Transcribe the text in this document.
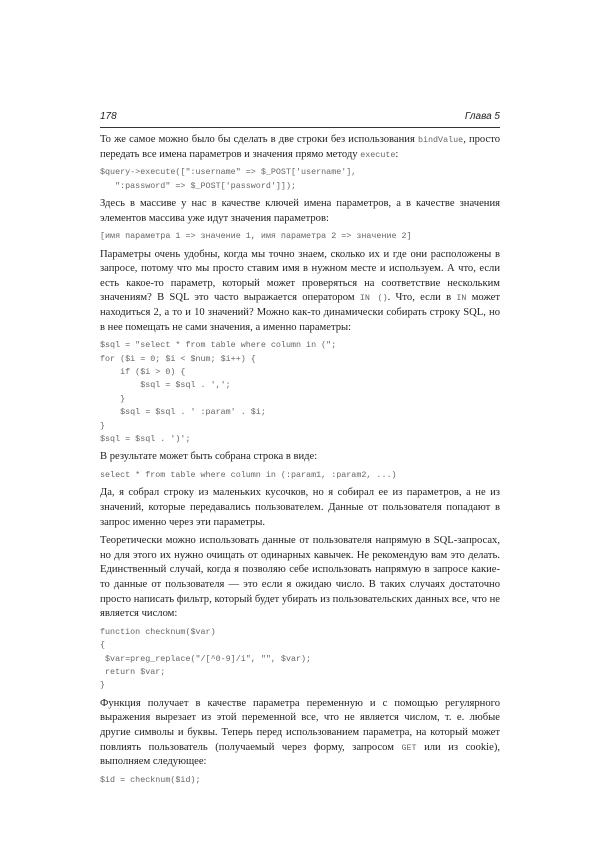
178	Глава 5

То же самое можно было бы сделать в две строки без использования bindValue, просто передать все имена параметров и значения прямо методу execute:

$query->execute([":username" => $_POST['username'],
":password" => $_POST['password']]);

Здесь в массиве у нас в качестве ключей имена параметров, а в качестве значения элементов массива уже идут значения параметров:

[имя параметра 1 => значение 1, имя параметра 2 => значение 2]

Параметры очень удобны, когда мы точно знаем, сколько их и где они расположены в запросе, потому что мы просто ставим имя в нужном месте и используем. А что, если есть какое-то параметр, который может проверяться на соответствие нескольким значениям? В SQL это часто выражается оператором IN (). Что, если в IN может находиться 2, а то и 10 значений? Можно как-то динамически собирать строку SQL, но в нее помещать не сами значения, а именно параметры:

$sql = "select * from table where column in (";
for ($i = 0; $i < $num; $i++) {
if ($i > 0) {
$sql = $sql . ',';
}
$sql = $sql . ' :param' . $i;
}
$sql = $sql . ')';

В результате может быть собрана строка в виде:

select * from table where column in (:param1, :param2, ...)

Да, я собрал строку из маленьких кусочков, но я собирал ее из параметров, а не из значений, которые передавались пользователем. Данные от пользователя попадают в запрос именно через эти параметры.

Теоретически можно использовать данные от пользователя напрямую в SQL-запросах, но для этого их нужно очищать от одинарных кавычек. Не рекомендую вам это делать. Единственный случай, когда я позволяю себе использовать напрямую в запросе какие-то данные от пользователя — это если я ожидаю число. В таких случаях достаточно просто написать фильтр, который будет убирать из пользовательских данных все, что не является числом:

function checknum($var)
{
$var=preg_replace("/[^0-9]/i", "", $var);
return $var;
}

Функция получает в качестве параметра переменную и с помощью регулярного выражения вырезает из этой переменной все, что не является числом, т. е. любые другие символы и буквы. Теперь перед использованием параметра, на который может повлиять пользователь (получаемый через форму, запросом GET или из cookie), выполняем следующее:

$id = checknum($id);
